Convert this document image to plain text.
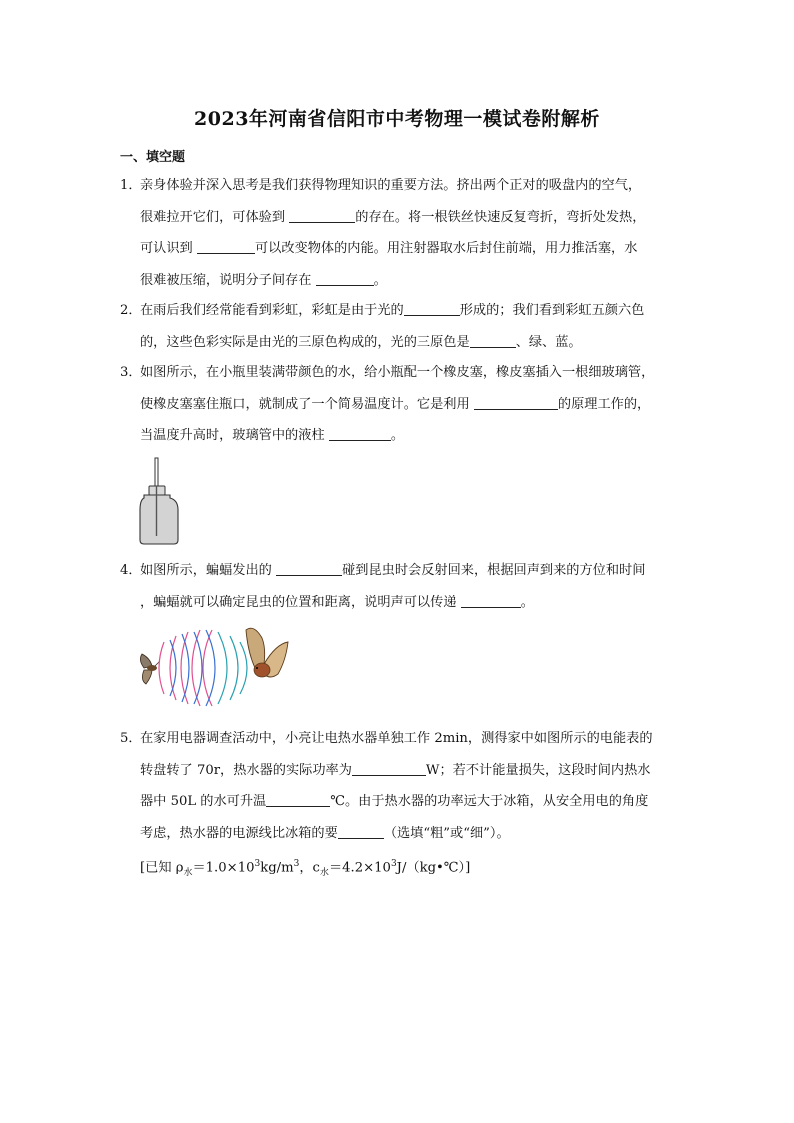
2023年河南省信阳市中考物理一模试卷附解析
一、填空题
1．亲身体验并深入思考是我们获得物理知识的重要方法。挤出两个正对的吸盘内的空气，
很难拉开它们，可体验到	的存在。将一根铁丝快速反复弯折，弯折处发热，
可认识到	可以改变物体的内能。用注射器取水后封住前端，用力推活塞，水
很难被压缩，说明分子间存在	。
2．在雨后我们经常能看到彩虹，彩虹是由于光的	形成的；我们看到彩虹五颜六色
的，这些色彩实际是由光的三原色构成的，光的三原色是	、绿、蓝。
3．如图所示，在小瓶里装满带颜色的水，给小瓶配一个橡皮塞，橡皮塞插入一根细玻璃管，
使橡皮塞塞住瓶口，就制成了一个简易温度计。它是利用	的原理工作的，
当温度升高时，玻璃管中的液柱	。
4．如图所示，蝙蝠发出的	碰到昆虫时会反射回来，根据回声到来的方位和时间
，蝙蝠就可以确定昆虫的位置和距离，说明声可以传递	。
5．在家用电器调查活动中，小亮让电热水器单独工作 2min，测得家中如图所示的电能表的
转盘转了 70r，热水器的实际功率为	W；若不计能量损失，这段时间内热水
器中 50L 的水可升温	℃。由于热水器的功率远大于冰箱，从安全用电的角度
考虑，热水器的电源线比冰箱的要	（选填“粗”或“细”）。
[已知 $\rho_水=1.0\times 10^3kg/m^3$，$c_水=4.2\times 10^3J/(kg•℃)$]
